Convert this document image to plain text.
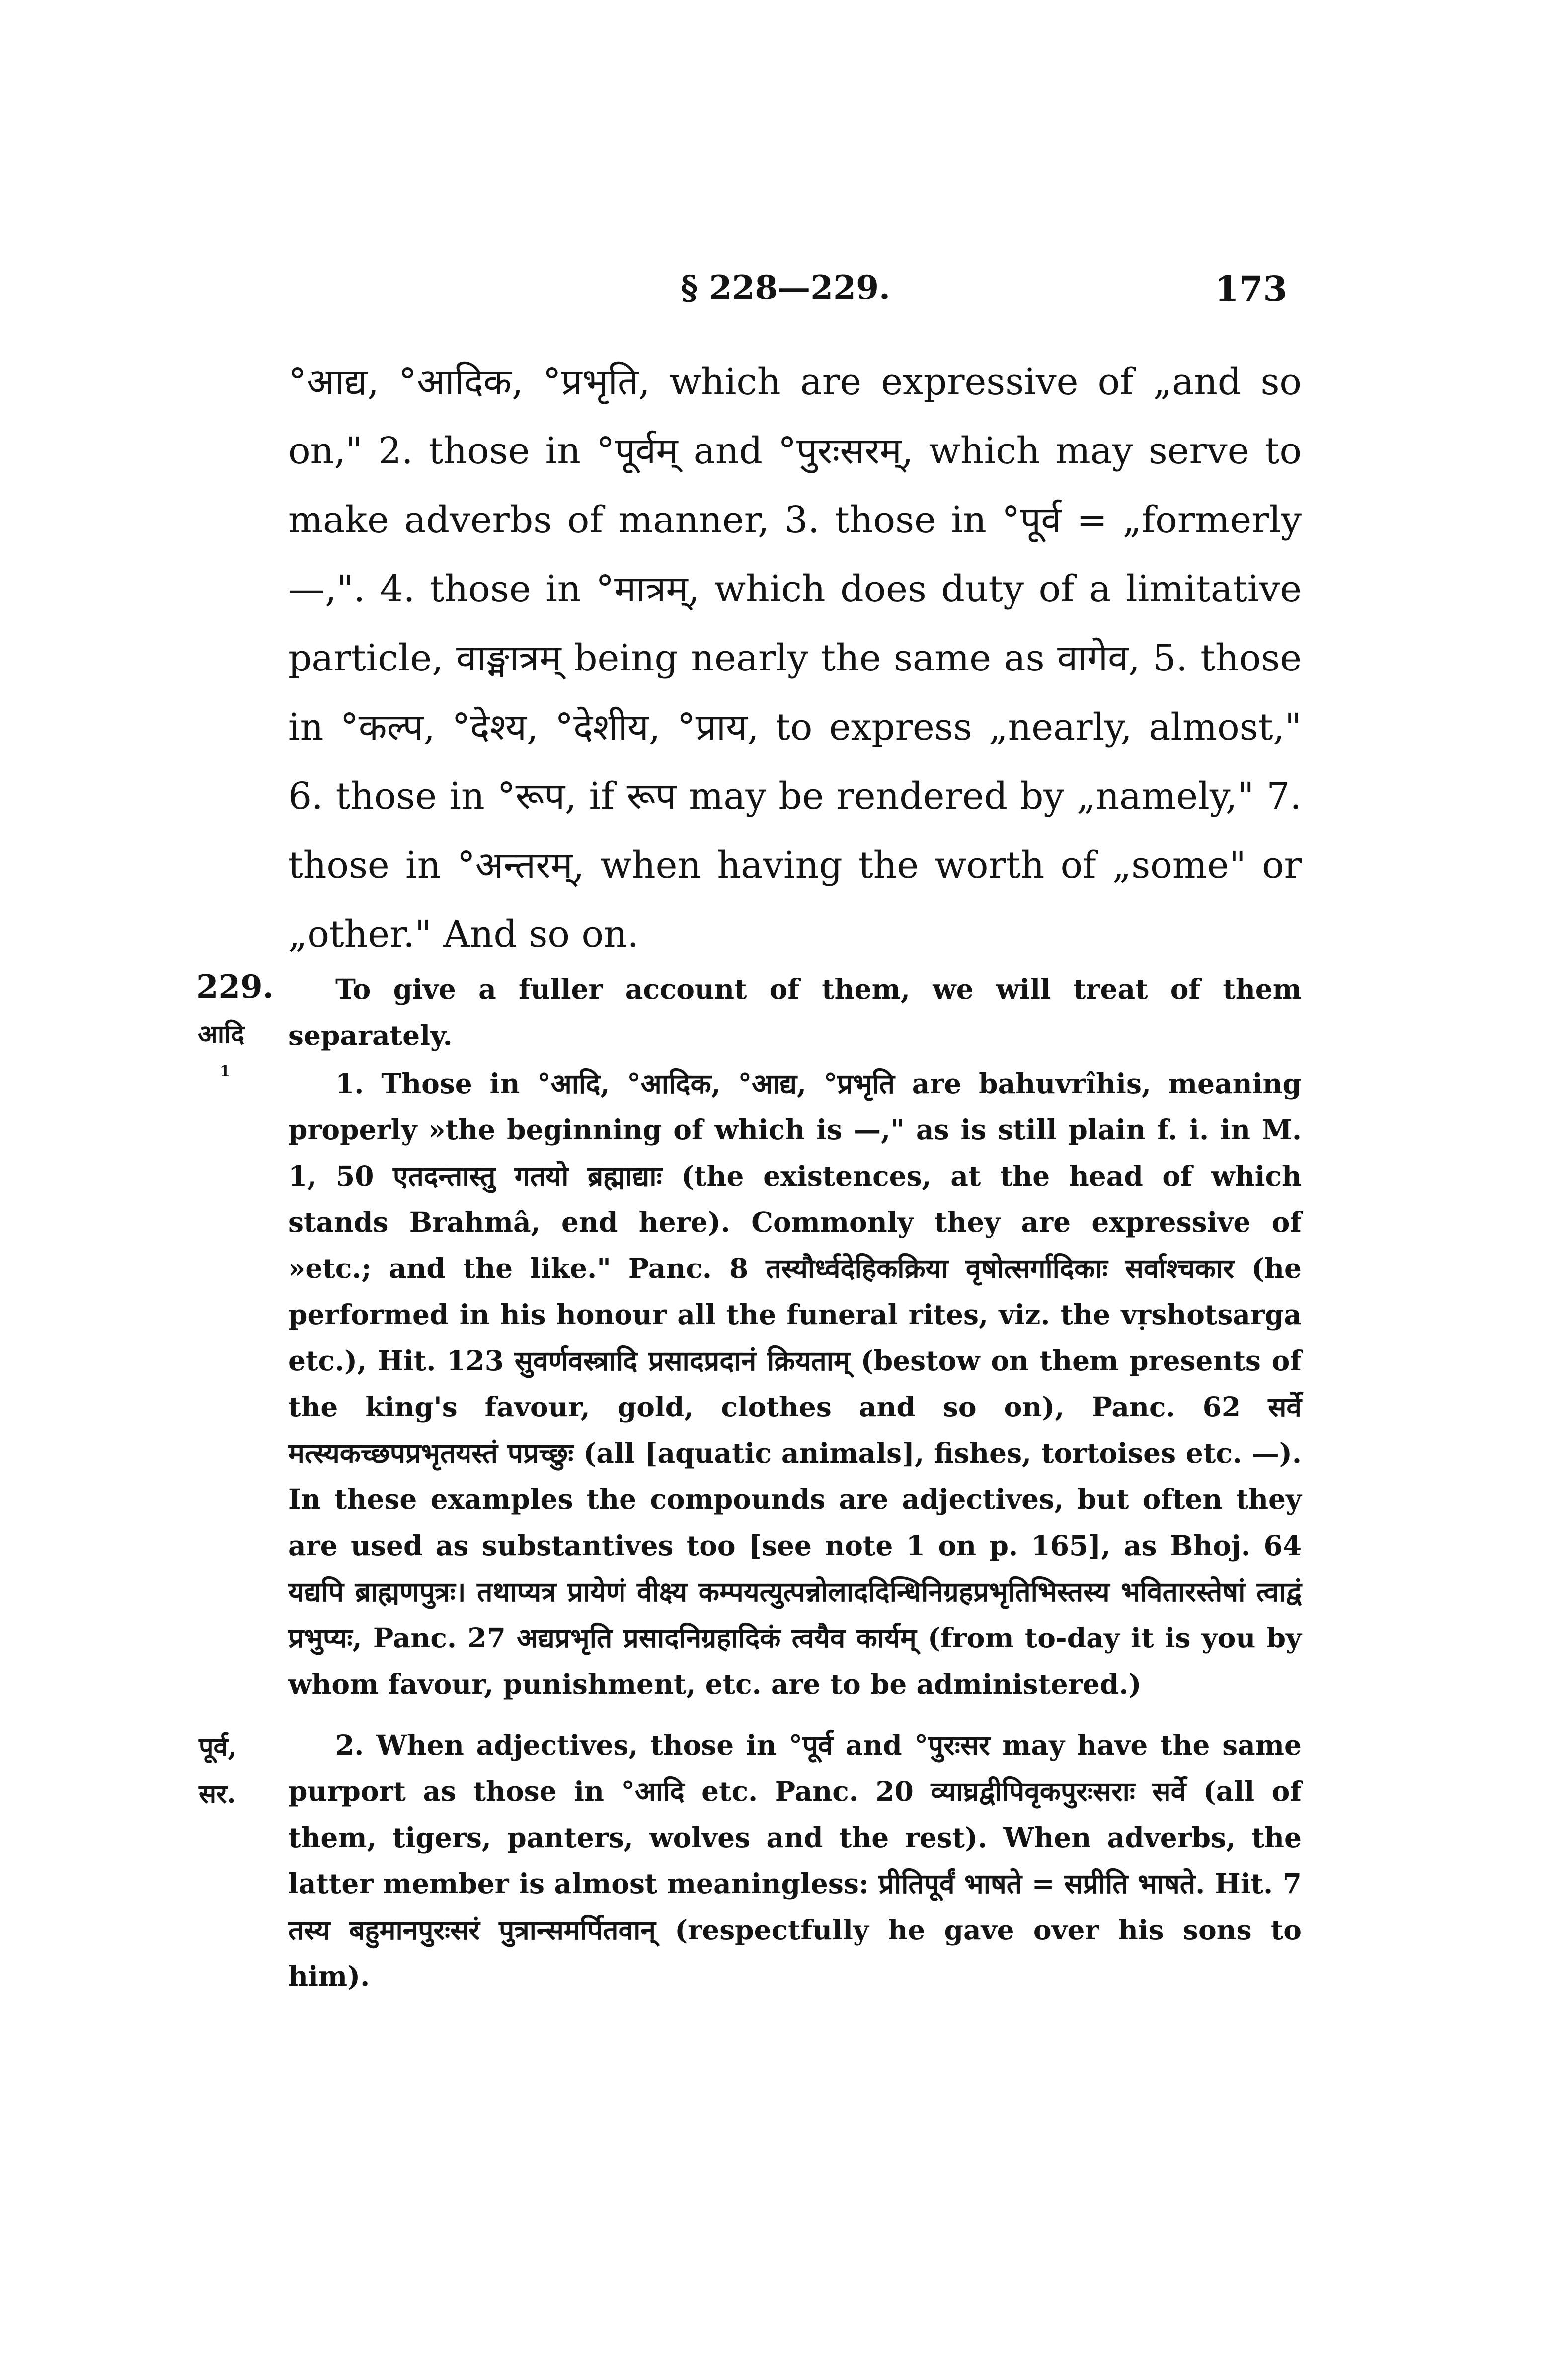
§ 228—229.	173
°आद्य, °आदिक, °प्रभृति, which are expressive of „and so on," 2. those in °पूर्वम् and °पुरःसरम्, which may serve to make adverbs of manner, 3. those in °पूर्व = „formerly —,". 4. those in °मात्रम्, which does duty of a limitative particle, वाङ्मात्रम् being nearly the same as वागेव, 5. those in °कल्प, °देश्य, °देशीय, °प्राय, to express „nearly, almost," 6. those in °रूप, if रूप may be rendered by „namely," 7. those in °अन्तरम्, when having the worth of „some" or „other." And so on.
229.
आदि
To give a fuller account of them, we will treat of them separately.
1	1. Those in °आदि, °आदिक, °आद्य, °प्रभृति are bahuvrîhis, meaning properly »the beginning of which is —," as is still plain f. i. in M. 1, 50 एतदन्तास्तु गतयो ब्रह्माद्याः (the existences, at the head of which stands Brahmâ, end here). Commonly they are expressive of »etc.; and the like." Panc. 8 तस्यौर्ध्वदेहिकक्रिया वृषोत्सर्गादिकाः सर्वाश्चकार (he performed in his honour all the funeral rites, viz. the vṛshotsarga etc.), Hit. 123 सुवर्णवस्त्रादि प्रसादप्रदानं क्रियताम् (bestow on them presents of the king's favour, gold, clothes and so on), Panc. 62 सर्वे मत्स्यकच्छपप्रभृतयस्तं पप्रच्छुः (all [aquatic animals], fishes, tortoises etc. —). In these examples the compounds are adjectives, but often they are used as substantives too [see note 1 on p. 165], as Bhoj. 64 यद्यपि ब्राह्मणपुत्रः। तथाप्यत्र प्रायेणं वीक्ष्य कम्पयत्युत्पन्नोलाददिन्धिनिग्रहप्रभृतिभिस्तस्य भवितारस्तेषां त्वाद्वं प्रभुप्यः, Panc. 27 अद्यप्रभृति प्रसादनिग्रहादिकं त्वयैव कार्यम् (from to-day it is you by whom favour, punishment, etc. are to be administered.)
पूर्व,
सर.
2. When adjectives, those in °पूर्व and °पुरःसर may have the same purport as those in °आदि etc. Panc. 20 व्याघ्रद्वीपिवृकपुरःसराः सर्वे (all of them, tigers, panters, wolves and the rest). When adverbs, the latter member is almost meaningless: प्रीतिपूर्वं भाषते = सप्रीति भाषते. Hit. 7 तस्य बहुमानपुरःसरं पुत्रान्समर्पितवान् (respectfully he gave over his sons to him).
